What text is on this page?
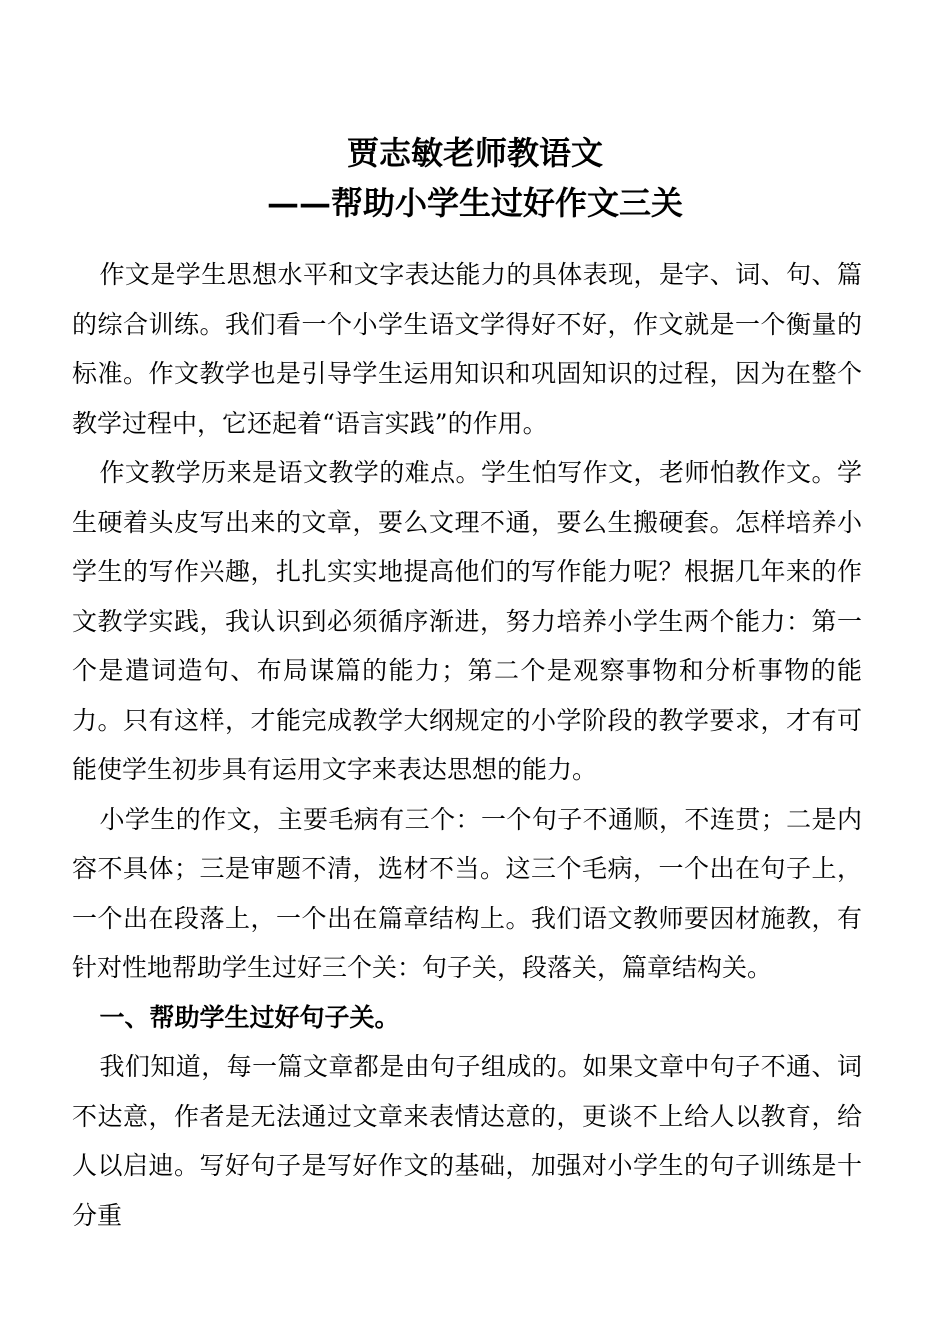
贾志敏老师教语文
——帮助小学生过好作文三关

作文是学生思想水平和文字表达能力的具体表现，是字、词、句、篇的综合训练。我们看一个小学生语文学得好不好，作文就是一个衡量的标准。作文教学也是引导学生运用知识和巩固知识的过程，因为在整个教学过程中，它还起着“语言实践”的作用。

作文教学历来是语文教学的难点。学生怕写作文，老师怕教作文。学生硬着头皮写出来的文章，要么文理不通，要么生搬硬套。怎样培养小学生的写作兴趣，扎扎实实地提高他们的写作能力呢？根据几年来的作文教学实践，我认识到必须循序渐进，努力培养小学生两个能力：第一个是遣词造句、布局谋篇的能力；第二个是观察事物和分析事物的能力。只有这样，才能完成教学大纲规定的小学阶段的教学要求，才有可能使学生初步具有运用文字来表达思想的能力。

小学生的作文，主要毛病有三个：一个句子不通顺，不连贯；二是内容不具体；三是审题不清，选材不当。这三个毛病，一个出在句子上，一个出在段落上，一个出在篇章结构上。我们语文教师要因材施教，有针对性地帮助学生过好三个关：句子关，段落关，篇章结构关。

一、帮助学生过好句子关。

我们知道，每一篇文章都是由句子组成的。如果文章中句子不通、词不达意，作者是无法通过文章来表情达意的，更谈不上给人以教育，给人以启迪。写好句子是写好作文的基础，加强对小学生的句子训练是十分重
